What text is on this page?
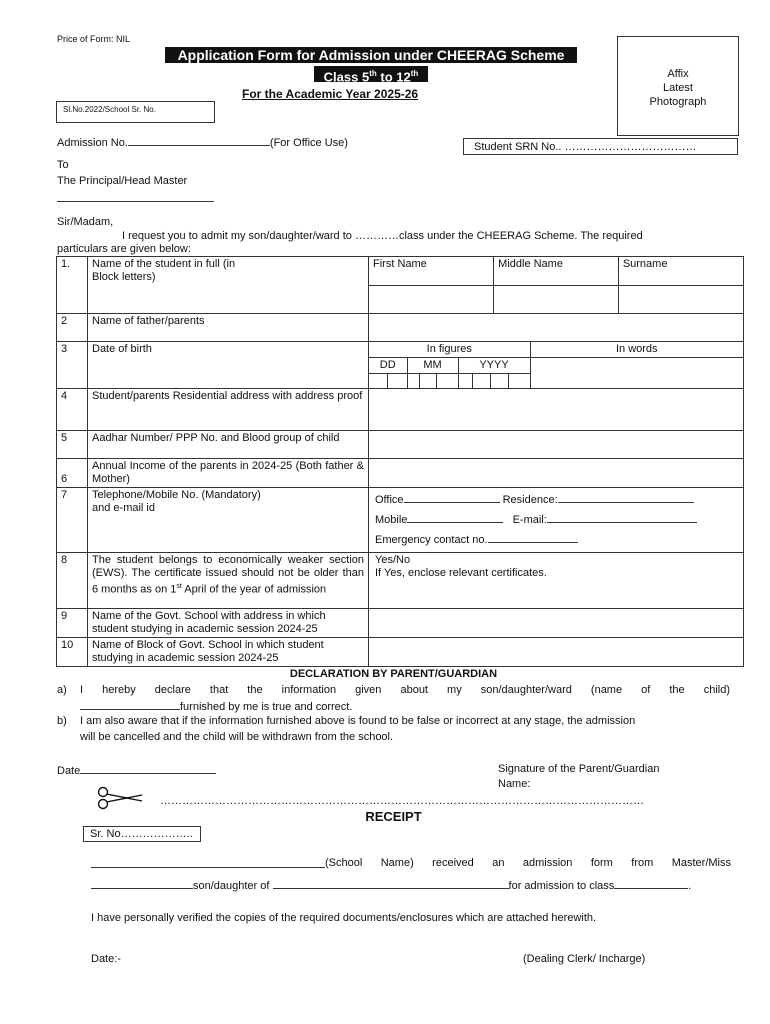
Price of Form: NIL
Application Form for Admission under CHEERAG Scheme
Class 5th to 12th
For the Academic Year 2025-26
Sl.No.2022/School Sr. No.
Affix
Latest
Photograph
Admission No.	(For Office Use)	Student SRN No.. ………………………………
To
The Principal/Head Master
Sir/Madam,
I request you to admit my son/daughter/ward to …………class under the CHEERAG Scheme. The required
particulars are given below:
1.	Name of the student in full (in Block letters)	
First Name	Middle Name	Surname

2	Name of father/parents	
3	Date of birth		In figures	In words
DD	MM	YYYY	

4	Student/parents Residential address with address proof	
5	Aadhar Number/ PPP No. and Blood group of child	
6	Annual Income of the parents in 2024-25 (Both father & Mother)	
7	Telephone/Mobile No. (Mandatory)
and e-mail id

Office	Residence:
Mobile	E-mail:
Emergency contact no.

8	The student belongs to economically weaker section (EWS). The certificate issued should not be older than 6 months as on 1st April of the year of admission	
Yes/No
If Yes, enclose relevant certificates.

9	Name of the Govt. School with address in which student studying in academic session 2024-25	
10	Name of Block of Govt. School in which student studying in academic session 2024-25	
DECLARATION BY PARENT/GUARDIAN
a) I hereby declare that the information given about my son/daughter/ward (name of the child)
furnished by me is true and correct.
b) I am also aware that if the information furnished above is found to be false or incorrect at any stage, the admission
will be cancelled and the child will be withdrawn from the school.
Date	Signature of the Parent/Guardian
Name:
……………………………………………………………………………………………………………………
RECEIPT
Sr. No………………..
(School Name) received an admission form from Master/Miss
son/daughter of	for admission to class	.
I have personally verified the copies of the required documents/enclosures which are attached herewith.
Date:-	(Dealing Clerk/ Incharge)
